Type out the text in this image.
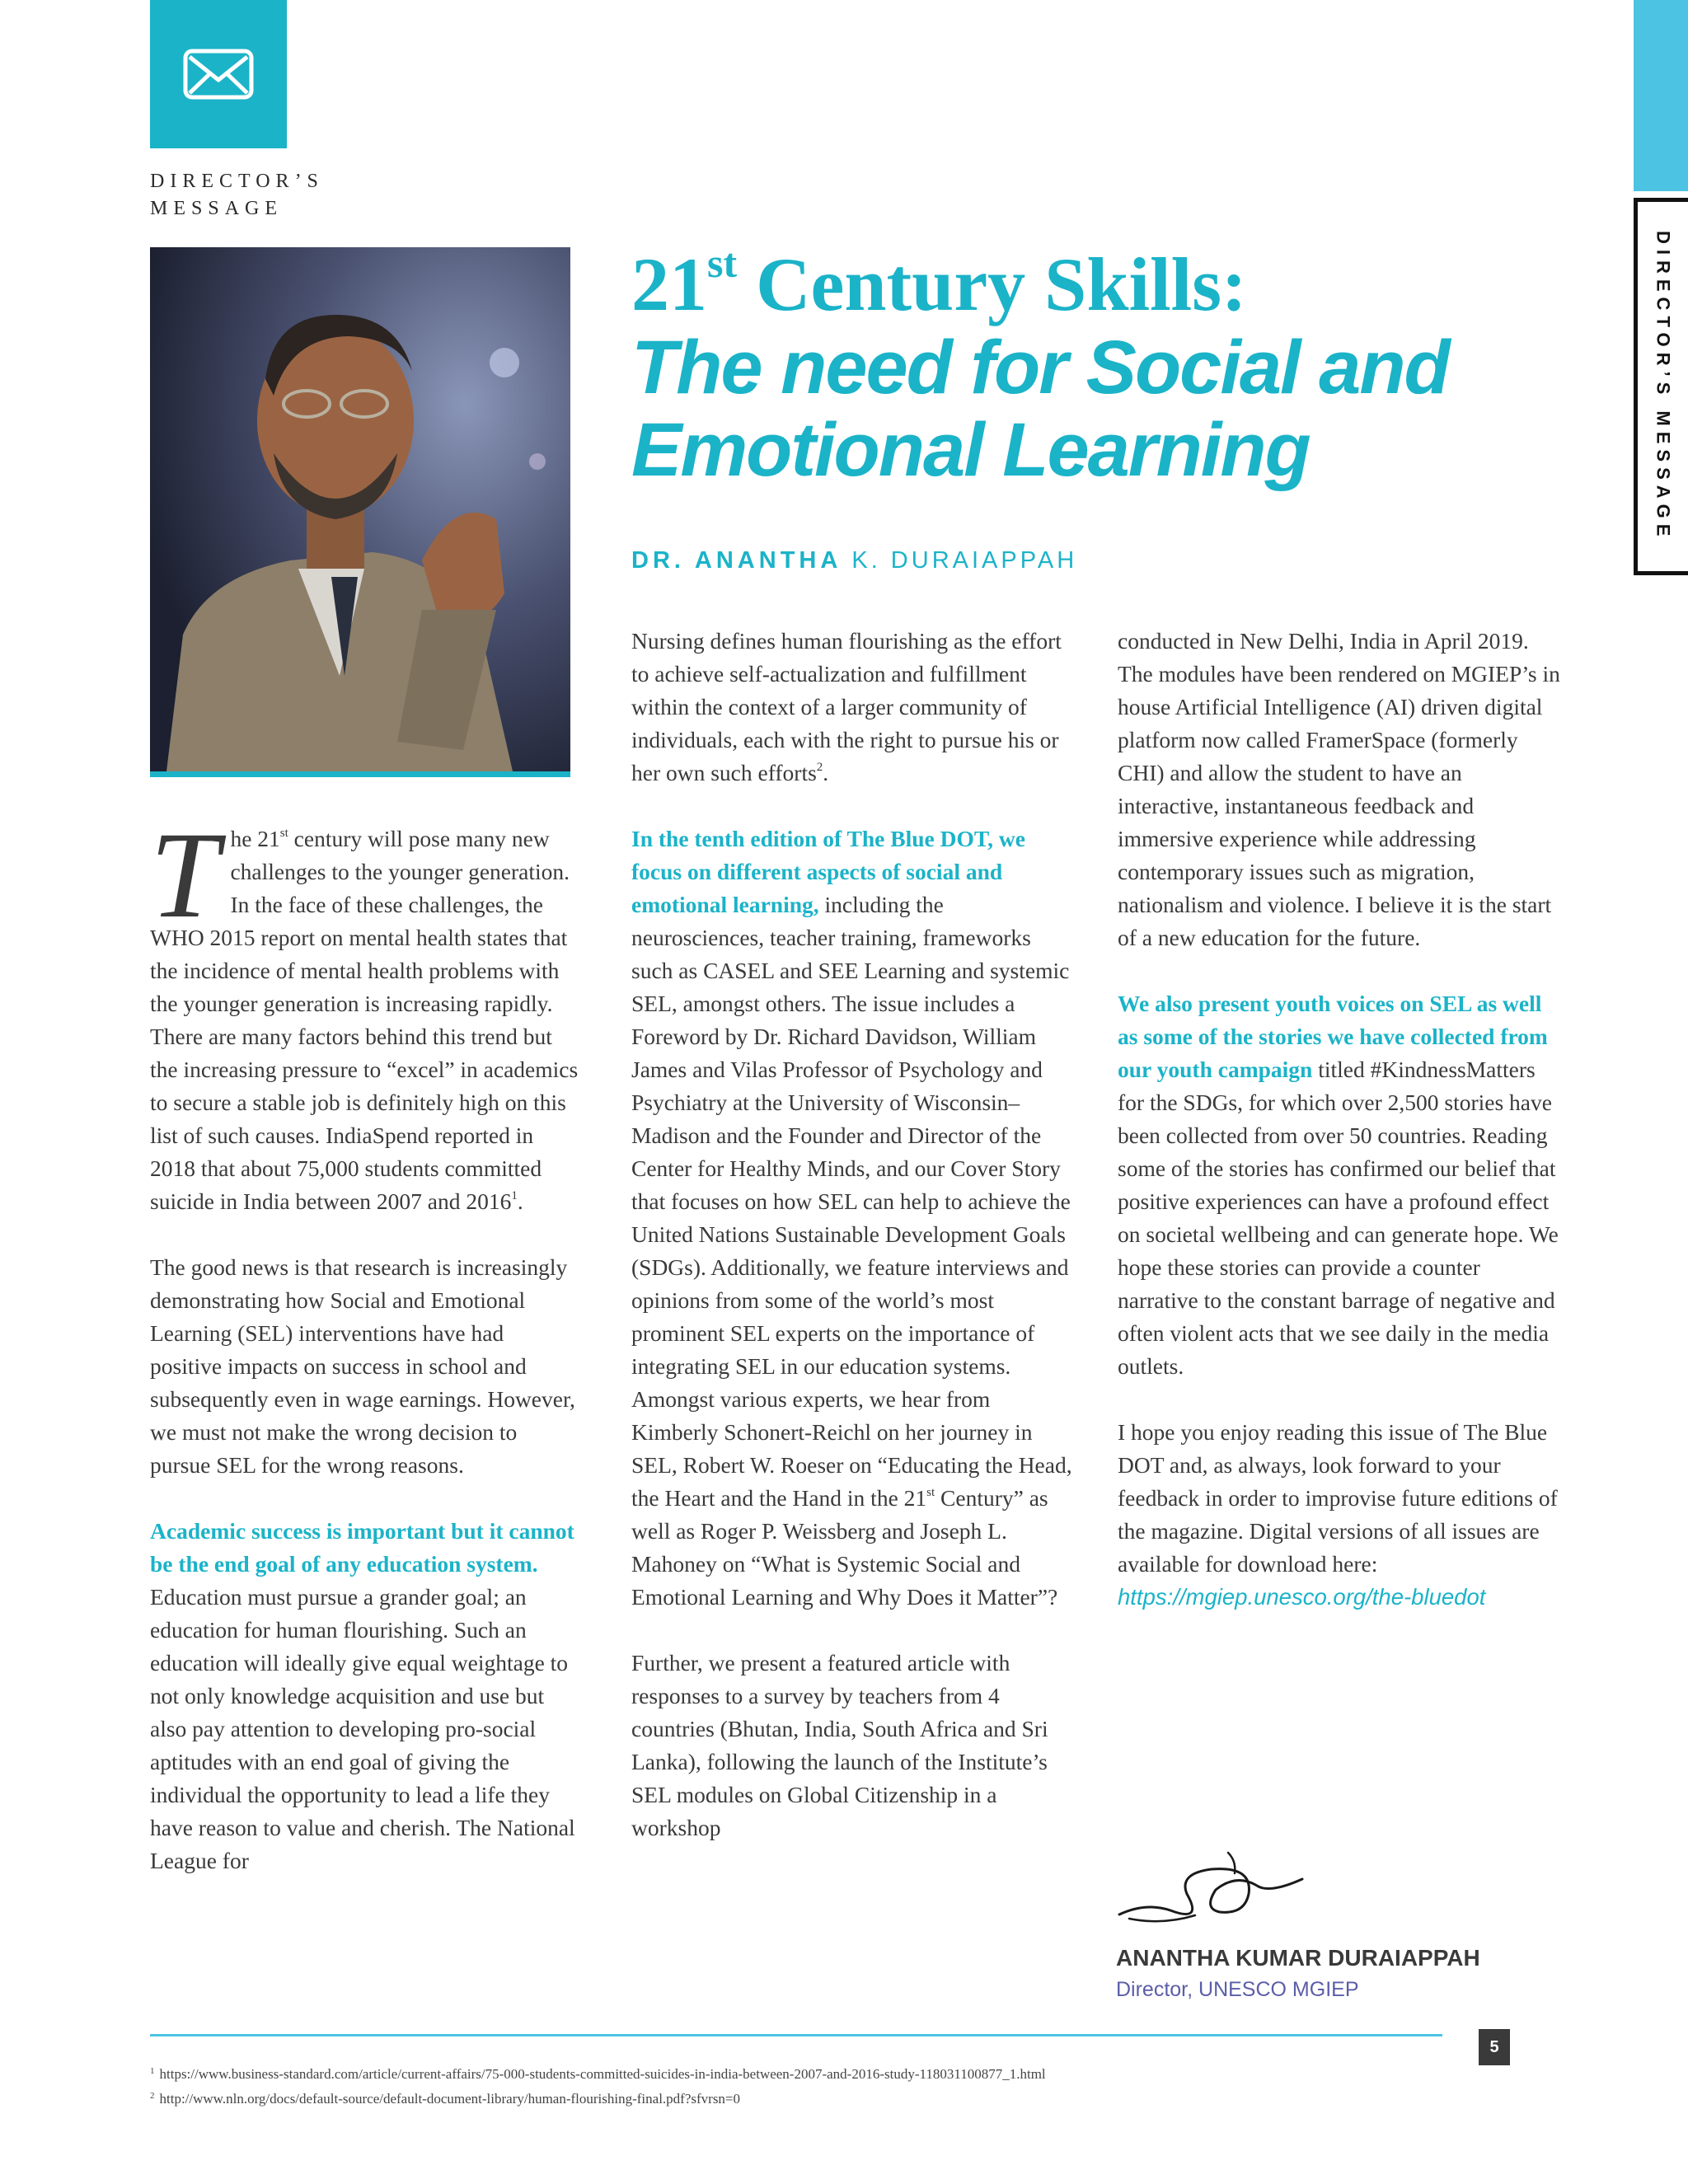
DIRECTOR’S
MESSAGE
DIRECTOR’S MESSAGE
21st Century Skills:
The need for Social and Emotional Learning
DR. ANANTHA K. DURAIAPPAH

The 21st century will pose many new challenges to the younger generation. In the face of these challenges, the WHO 2015 report on mental health states that the incidence of mental health problems with the younger generation is increasing rapidly. There are many factors behind this trend but the increasing pressure to “excel” in academics to secure a stable job is definitely high on this list of such causes. IndiaSpend reported in 2018 that about 75,000 students committed suicide in India between 2007 and 2016$^1$.

The good news is that research is increasingly demonstrating how Social and Emotional Learning (SEL) interventions have had positive impacts on success in school and subsequently even in wage earnings. However, we must not make the wrong decision to pursue SEL for the wrong reasons.

Academic success is important but it cannot be the end goal of any education system. Education must pursue a grander goal; an education for human flourishing. Such an education will ideally give equal weightage to not only knowledge acquisition and use but also pay attention to developing pro-social aptitudes with an end goal of giving the individual the opportunity to lead a life they have reason to value and cherish. The National League for

Nursing defines human flourishing as the effort to achieve self-actualization and fulfillment within the context of a larger community of individuals, each with the right to pursue his or her own such efforts$^2$.

In the tenth edition of The Blue DOT, we focus on different aspects of social and emotional learning, including the neurosciences, teacher training, frameworks such as CASEL and SEE Learning and systemic SEL, amongst others. The issue includes a Foreword by Dr. Richard Davidson, William James and Vilas Professor of Psychology and Psychiatry at the University of Wisconsin–Madison and the Founder and Director of the Center for Healthy Minds, and our Cover Story that focuses on how SEL can help to achieve the United Nations Sustainable Development Goals (SDGs). Additionally, we feature interviews and opinions from some of the world’s most prominent SEL experts on the importance of integrating SEL in our education systems. Amongst various experts, we hear from Kimberly Schonert-Reichl on her journey in SEL, Robert W. Roeser on “Educating the Head, the Heart and the Hand in the 21st Century” as well as Roger P. Weissberg and Joseph L. Mahoney on “What is Systemic Social and Emotional Learning and Why Does it Matter”?

Further, we present a featured article with responses to a survey by teachers from 4 countries (Bhutan, India, South Africa and Sri Lanka), following the launch of the Institute’s SEL modules on Global Citizenship in a workshop

conducted in New Delhi, India in April 2019. The modules have been rendered on MGIEP’s in house Artificial Intelligence (AI) driven digital platform now called FramerSpace (formerly CHI) and allow the student to have an interactive, instantaneous feedback and immersive experience while addressing contemporary issues such as migration, nationalism and violence. I believe it is the start of a new education for the future.

We also present youth voices on SEL as well as some of the stories we have collected from our youth campaign titled #KindnessMatters for the SDGs, for which over 2,500 stories have been collected from over 50 countries. Reading some of the stories has confirmed our belief that positive experiences can have a profound effect on societal wellbeing and can generate hope. We hope these stories can provide a counter narrative to the constant barrage of negative and often violent acts that we see daily in the media outlets.

I hope you enjoy reading this issue of The Blue DOT and, as always, look forward to your feedback in order to improvise future editions of the magazine. Digital versions of all issues are available for download here: https://mgiep.unesco.org/the-bluedot

ANANTHA KUMAR DURAIAPPAH
Director, UNESCO MGIEP
5
$^1$ https://www.business-standard.com/article/current-affairs/75-000-students-committed-suicides-in-india-between-2007-and-2016-study-118031100877_1.html
$^2$ http://www.nln.org/docs/default-source/default-document-library/human-flourishing-final.pdf?sfvrsn=0
